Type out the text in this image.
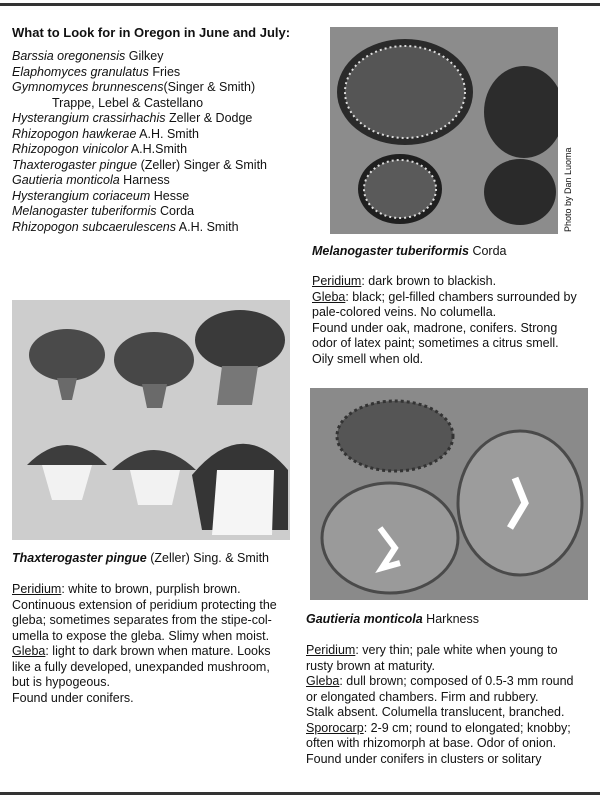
What to Look for in Oregon in June and July:
Barssia oregonensis Gilkey
Elaphomyces granulatus Fries
Gymnomyces brunnescens(Singer & Smith)
Trappe, Lebel & Castellano
Hysterangium crassirhachis Zeller & Dodge
Rhizopogon hawkerae A.H. Smith
Rhizopogon vinicolor A.H.Smith
Thaxterogaster pingue (Zeller) Singer & Smith
Gautieria monticola Harness
Hysterangium coriaceum Hesse
Melanogaster tuberiformis Corda
Rhizopogon subcaerulescens A.H. Smith	Photo by Dan Luoma
Melanogaster tuberiformis Corda
Peridium: dark brown to blackish.
Gleba: black; gel-filled chambers surrounded by
pale-colored veins. No columella.
Found under oak, madrone, conifers. Strong
odor of latex paint; sometimes a citrus smell.
Oily smell when old.
Thaxterogaster pingue (Zeller) Sing. & Smith
Peridium: white to brown, purplish brown.
Continuous extension of peridium protecting the
gleba; sometimes separates from the stipe-col-
umella to expose the gleba. Slimy when moist.
Gleba: light to dark brown when mature. Looks
like a fully developed, unexpanded mushroom,
but is hypogeous.
Found under conifers.
Gautieria monticola Harkness
Peridium: very thin; pale white when young to
rusty brown at maturity.
Gleba: dull brown; composed of 0.5-3 mm round
or elongated chambers. Firm and rubbery.
Stalk absent. Columella translucent, branched.
Sporocarp: 2-9 cm; round to elongated; knobby;
often with rhizomorph at base. Odor of onion.
Found under conifers in clusters or solitary
